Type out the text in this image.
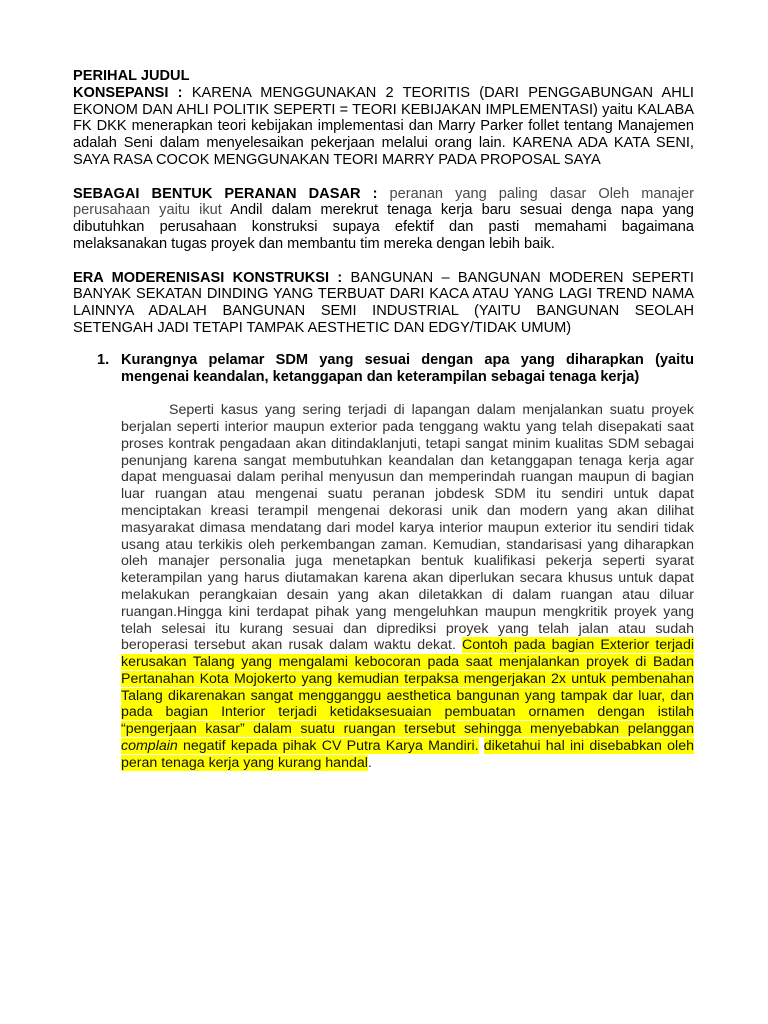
PERIHAL JUDUL

KONSEPANSI : KARENA MENGGUNAKAN 2 TEORITIS (DARI PENGGABUNGAN AHLI EKONOM DAN AHLI POLITIK SEPERTI = TEORI KEBIJAKAN IMPLEMENTASI) yaitu KALABA FK DKK menerapkan teori kebijakan implementasi dan Marry Parker follet tentang Manajemen adalah Seni dalam menyelesaikan pekerjaan melalui orang lain. KARENA ADA KATA SENI, SAYA RASA COCOK MENGGUNAKAN TEORI MARRY PADA PROPOSAL SAYA

SEBAGAI BENTUK PERANAN DASAR : peranan yang paling dasar Oleh manajer perusahaan yaitu ikut Andil dalam merekrut tenaga kerja baru sesuai denga napa yang dibutuhkan perusahaan konstruksi supaya efektif dan pasti memahami bagaimana melaksanakan tugas proyek dan membantu tim mereka dengan lebih baik.

ERA MODERENISASI KONSTRUKSI : BANGUNAN – BANGUNAN MODEREN SEPERTI BANYAK SEKATAN DINDING YANG TERBUAT DARI KACA ATAU YANG LAGI TREND NAMA LAINNYA ADALAH BANGUNAN SEMI INDUSTRIAL (YAITU BANGUNAN SEOLAH SETENGAH JADI TETAPI TAMPAK AESTHETIC DAN EDGY/TIDAK UMUM)

1. Kurangnya pelamar SDM yang sesuai dengan apa yang diharapkan (yaitu mengenai keandalan, ketanggapan dan keterampilan sebagai tenaga kerja)

Seperti kasus yang sering terjadi di lapangan dalam menjalankan suatu proyek berjalan seperti interior maupun exterior pada tenggang waktu yang telah disepakati saat proses kontrak pengadaan akan ditindaklanjuti, tetapi sangat minim kualitas SDM sebagai penunjang karena sangat membutuhkan keandalan dan ketanggapan tenaga kerja agar dapat menguasai dalam perihal menyusun dan memperindah ruangan maupun di bagian luar ruangan atau mengenai suatu peranan jobdesk SDM itu sendiri untuk dapat menciptakan kreasi terampil mengenai dekorasi unik dan modern yang akan dilihat masyarakat dimasa mendatang dari model karya interior maupun exterior itu sendiri tidak usang atau terkikis oleh perkembangan zaman. Kemudian, standarisasi yang diharapkan oleh manajer personalia juga menetapkan bentuk kualifikasi pekerja seperti syarat keterampilan yang harus diutamakan karena akan diperlukan secara khusus untuk dapat melakukan perangkaian desain yang akan diletakkan di dalam ruangan atau diluar ruangan.Hingga kini terdapat pihak yang mengeluhkan maupun mengkritik proyek yang telah selesai itu kurang sesuai dan diprediksi proyek yang telah jalan atau sudah beroperasi tersebut akan rusak dalam waktu dekat. Contoh pada bagian Exterior terjadi kerusakan Talang yang mengalami kebocoran pada saat menjalankan proyek di Badan Pertanahan Kota Mojokerto yang kemudian terpaksa mengerjakan 2x untuk pembenahan Talang dikarenakan sangat mengganggu aesthetica bangunan yang tampak dar luar, dan pada bagian Interior terjadi ketidaksesuaian pembuatan ornamen dengan istilah “pengerjaan kasar” dalam suatu ruangan tersebut sehingga menyebabkan pelanggan complain negatif kepada pihak CV Putra Karya Mandiri. diketahui hal ini disebabkan oleh peran tenaga kerja yang kurang handal.
